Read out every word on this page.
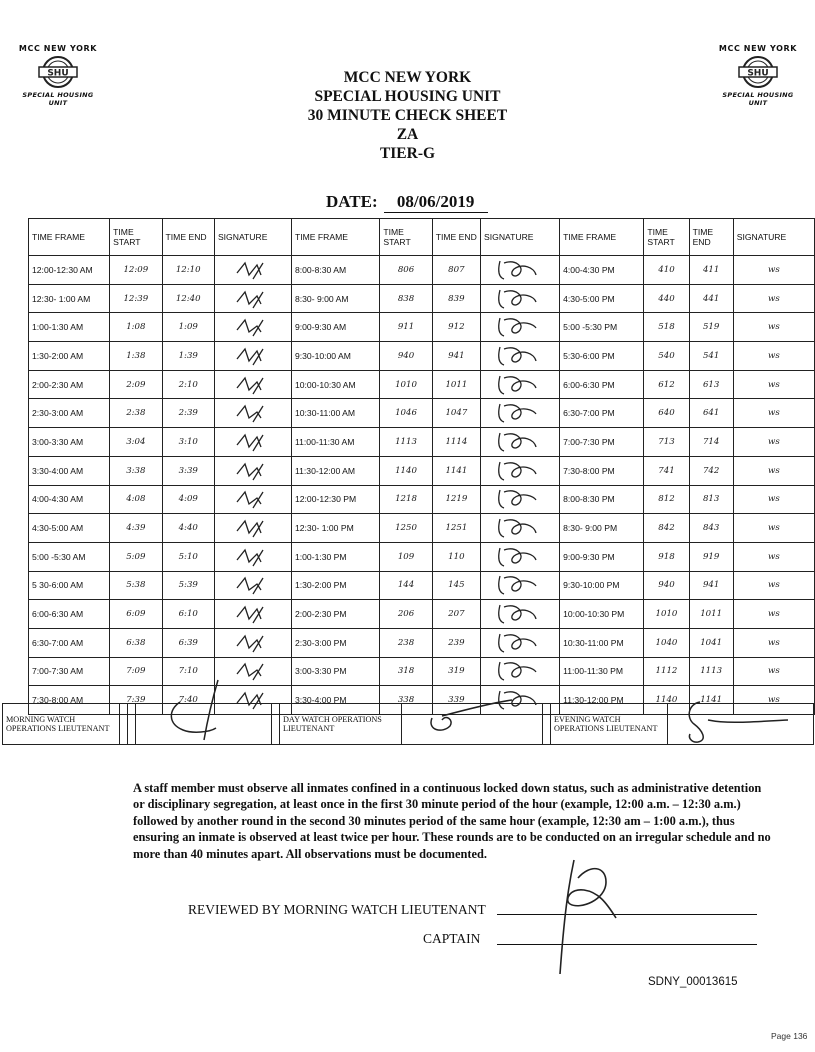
MCC NEW YORK
SHU
SPECIAL HOUSING UNIT
MCC NEW YORK
SHU
SPECIAL HOUSING UNIT
MCC NEW YORK
SPECIAL HOUSING UNIT
30 MINUTE CHECK SHEET
ZA
TIER-G
DATE: 08/06/2019
TIME FRAME	TIME START	TIME END	SIGNATURE	TIME FRAME	TIME START	TIME END	SIGNATURE	TIME FRAME	TIME START	TIME END	SIGNATURE
12:00-12:30 AM	12:09	12:10		8:00-8:30 AM	806	807		4:00-4:30 PM	410	411	ws
12:30- 1:00 AM	12:39	12:40		8:30- 9:00 AM	838	839		4:30-5:00 PM	440	441	ws
1:00-1:30 AM	1:08	1:09		9:00-9:30 AM	911	912		5:00 -5:30 PM	518	519	ws
1:30-2:00 AM	1:38	1:39		9:30-10:00 AM	940	941		5:30-6:00 PM	540	541	ws
2:00-2:30 AM	2:09	2:10		10:00-10:30 AM	1010	1011		6:00-6:30 PM	612	613	ws
2:30-3:00 AM	2:38	2:39		10:30-11:00 AM	1046	1047		6:30-7:00 PM	640	641	ws
3:00-3:30 AM	3:04	3:10		11:00-11:30 AM	1113	1114		7:00-7:30 PM	713	714	ws
3:30-4:00 AM	3:38	3:39		11:30-12:00 AM	1140	1141		7:30-8:00 PM	741	742	ws
4:00-4:30 AM	4:08	4:09		12:00-12:30 PM	1218	1219		8:00-8:30 PM	812	813	ws
4:30-5:00 AM	4:39	4:40		12:30- 1:00 PM	1250	1251		8:30- 9:00 PM	842	843	ws
5:00 -5:30 AM	5:09	5:10		1:00-1:30 PM	109	110		9:00-9:30 PM	918	919	ws
5 30-6:00 AM	5:38	5:39		1:30-2:00 PM	144	145		9:30-10:00 PM	940	941	ws
6:00-6:30 AM	6:09	6:10		2:00-2:30 PM	206	207		10:00-10:30 PM	1010	1011	ws
6:30-7:00 AM	6:38	6:39		2:30-3:00 PM	238	239		10:30-11:00 PM	1040	1041	ws
7:00-7:30 AM	7:09	7:10		3:00-3:30 PM	318	319		11:00-11:30 PM	1112	1113	ws
7:30-8:00 AM	7:39	7:40		3:30-4:00 PM	338	339		11:30-12:00 PM	1140	1141	ws
MORNING WATCH OPERATIONS LIEUTENANT			
		DAY WATCH OPERATIONS LIEUTENANT	
		EVENING WATCH OPERATIONS LIEUTENANT	
A staff member must observe all inmates confined in a continuous locked down status, such as administrative detention or disciplinary segregation, at least once in the first 30 minute period of the hour (example, 12:00 a.m. – 12:30 a.m.) followed by another round in the second 30 minutes period of the same hour (example, 12:30 am – 1:00 a.m.), thus ensuring an inmate is observed at least twice per hour. These rounds are to be conducted on an irregular schedule and no more than 40 minutes apart. All observations must be documented.
REVIEWED BY MORNING WATCH LIEUTENANT
CAPTAIN
SDNY_00013615
Page 136
